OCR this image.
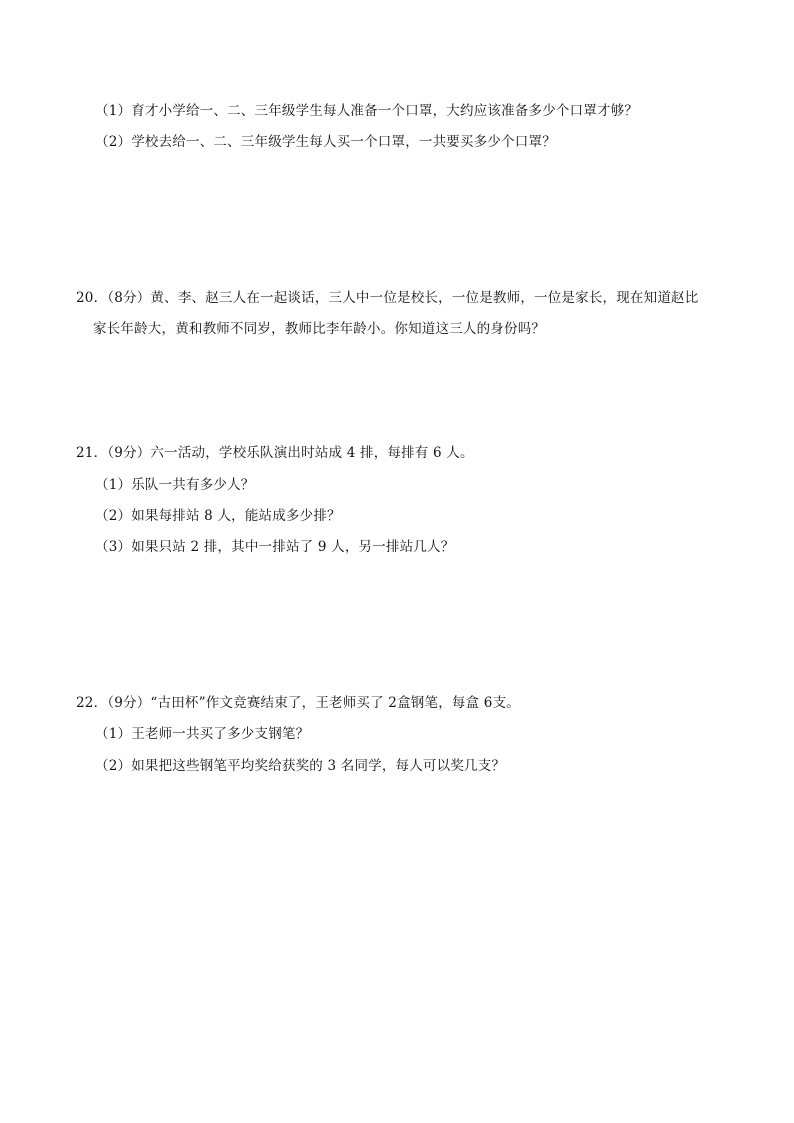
（1）育才小学给一、二、三年级学生每人准备一个口罩，大约应该准备多少个口罩才够？
（2）学校去给一、二、三年级学生每人买一个口罩，一共要买多少个口罩？
20．（8分）黄、李、赵三人在一起谈话，三人中一位是校长，一位是教师，一位是家长，现在知道赵比
家长年龄大，黄和教师不同岁，教师比李年龄小。你知道这三人的身份吗？
21．（9分）六一活动，学校乐队演出时站成 4 排，每排有 6 人。
（1）乐队一共有多少人？
（2）如果每排站 8 人，能站成多少排？
（3）如果只站 2 排，其中一排站了 9 人，另一排站几人？
22．（9分）“古田杯”作文竞赛结束了，王老师买了 2盒钢笔，每盒 6支。
（1）王老师一共买了多少支钢笔？
（2）如果把这些钢笔平均奖给获奖的 3 名同学，每人可以奖几支？
